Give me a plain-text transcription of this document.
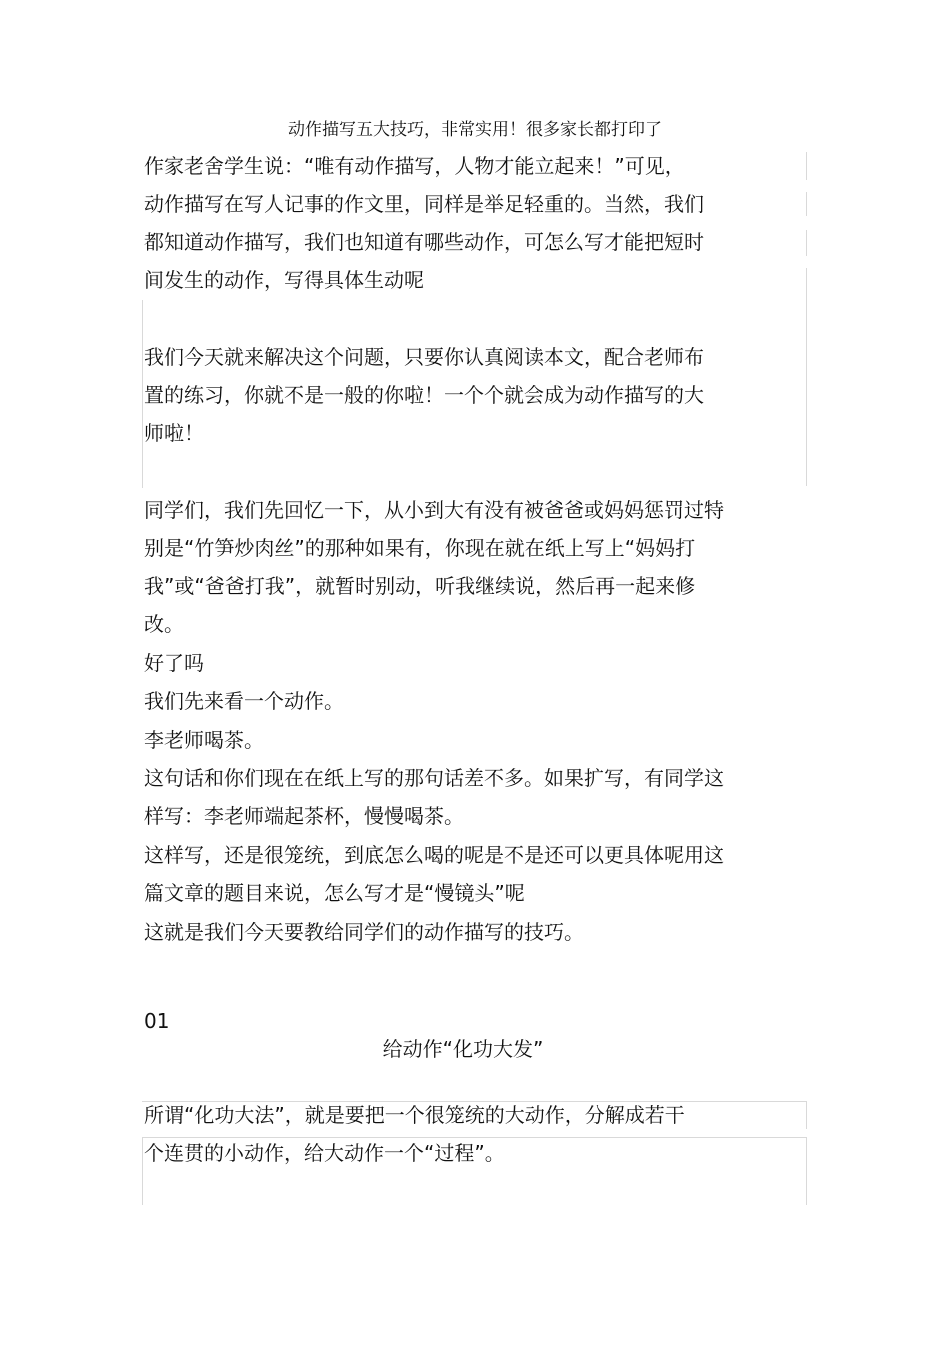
动作描写五大技巧，非常实用！很多家长都打印了

作家老舍学生说：“唯有动作描写，人物才能立起来！”可见，

动作描写在写人记事的作文里，同样是举足轻重的。当然，我们

都知道动作描写，我们也知道有哪些动作，可怎么写才能把短时

间发生的动作，写得具体生动呢

我们今天就来解决这个问题，只要你认真阅读本文，配合老师布

置的练习，你就不是一般的你啦！一个个就会成为动作描写的大

师啦！

同学们，我们先回忆一下，从小到大有没有被爸爸或妈妈惩罚过特

别是“竹笋炒肉丝”的那种如果有，你现在就在纸上写上“妈妈打

我”或“爸爸打我”，就暂时别动，听我继续说，然后再一起来修

改。

好了吗

我们先来看一个动作。

李老师喝茶。

这句话和你们现在在纸上写的那句话差不多。如果扩写，有同学这

样写：李老师端起茶杯，慢慢喝茶。

这样写，还是很笼统，到底怎么喝的呢是不是还可以更具体呢用这

篇文章的题目来说，怎么写才是“慢镜头”呢

这就是我们今天要教给同学们的动作描写的技巧。

01

给动作“化功大发”

所谓“化功大法”，就是要把一个很笼统的大动作，分解成若干

个连贯的小动作，给大动作一个“过程”。
